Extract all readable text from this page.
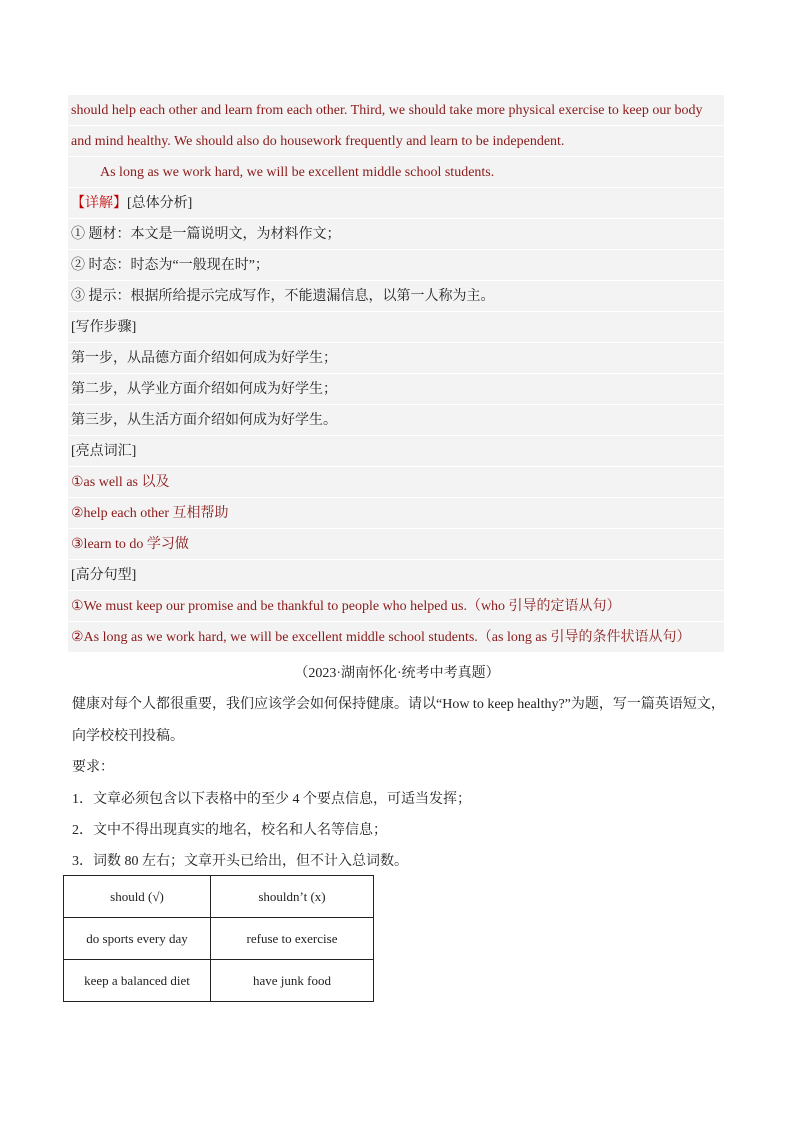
should help each other and learn from each other. Third, we should take more physical exercise to keep our body
and mind healthy. We should also do housework frequently and learn to be independent.
As long as we work hard, we will be excellent middle school students.
【详解】[总体分析]
① 题材：本文是一篇说明文，为材料作文；
② 时态：时态为“一般现在时”；
③ 提示：根据所给提示完成写作，不能遗漏信息，以第一人称为主。
[写作步骤]
第一步，从品德方面介绍如何成为好学生；
第二步，从学业方面介绍如何成为好学生；
第三步，从生活方面介绍如何成为好学生。
[亮点词汇]
①as well as 以及
②help each other 互相帮助
③learn to do 学习做
[高分句型]
①We must keep our promise and be thankful to people who helped us.（who 引导的定语从句）
②As long as we work hard, we will be excellent middle school students.（as long as 引导的条件状语从句）
（2023·湖南怀化·统考中考真题）
健康对每个人都很重要，我们应该学会如何保持健康。请以“How to keep healthy?”为题，写一篇英语短文，
向学校校刊投稿。
要求：
1．文章必须包含以下表格中的至少 4 个要点信息，可适当发挥；
2．文中不得出现真实的地名，校名和人名等信息；
3．词数 80 左右；文章开头已给出，但不计入总词数。
should (√)	shouldn’t (x)
do sports every day	refuse to exercise
keep a balanced diet	have junk food
